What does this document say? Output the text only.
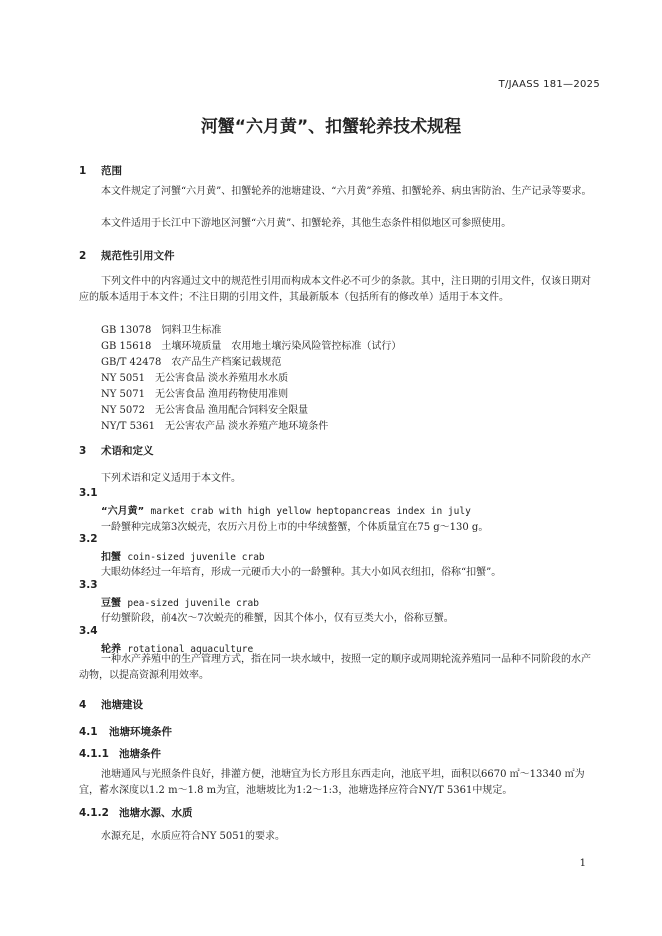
T/JAASS 181—2025
河蟹“六月黄”、扣蟹轮养技术规程
1 范围
本文件规定了河蟹“六月黄”、扣蟹轮养的池塘建设、“六月黄”养殖、扣蟹轮养、病虫害防治、生产记录等要求。
本文件适用于长江中下游地区河蟹“六月黄”、扣蟹轮养，其他生态条件相似地区可参照使用。
2 规范性引用文件
下列文件中的内容通过文中的规范性引用而构成本文件必不可少的条款。其中，注日期的引用文件，仅该日期对应的版本适用于本文件；不注日期的引用文件，其最新版本（包括所有的修改单）适用于本文件。
GB 13078　饲料卫生标准
GB 15618　土壤环境质量　农用地土壤污染风险管控标准（试行）
GB/T 42478　农产品生产档案记载规范
NY 5051　无公害食品 淡水养殖用水水质
NY 5071　无公害食品 渔用药物使用准则
NY 5072　无公害食品 渔用配合饲料安全限量
NY/T 5361　无公害农产品 淡水养殖产地环境条件
3 术语和定义
下列术语和定义适用于本文件。
3.1
“六月黄” market crab with high yellow heptopancreas index in july
一龄蟹种完成第3次蜕壳，农历六月份上市的中华绒螯蟹，个体质量宜在75 g～130 g。
3.2
扣蟹 coin-sized juvenile crab
大眼幼体经过一年培育，形成一元硬币大小的一龄蟹种。其大小如风衣纽扣，俗称“扣蟹”。
3.3
豆蟹 pea-sized juvenile crab
仔幼蟹阶段，前4次～7次蜕壳的稚蟹，因其个体小，仅有豆类大小，俗称豆蟹。
3.4
轮养 rotational aquaculture
一种水产养殖中的生产管理方式，指在同一块水域中，按照一定的顺序或周期轮流养殖同一品种不同阶段的水产动物，以提高资源利用效率。
4 池塘建设
4.1 池塘环境条件
4.1.1 池塘条件
池塘通风与光照条件良好，排灌方便，池塘宜为长方形且东西走向，池底平坦，面积以6670 ㎡～13340 ㎡为宜，蓄水深度以1.2 m～1.8 m为宜，池塘坡比为1:2～1:3，池塘选择应符合NY/T 5361中规定。
4.1.2 池塘水源、水质
水源充足，水质应符合NY 5051的要求。
1
